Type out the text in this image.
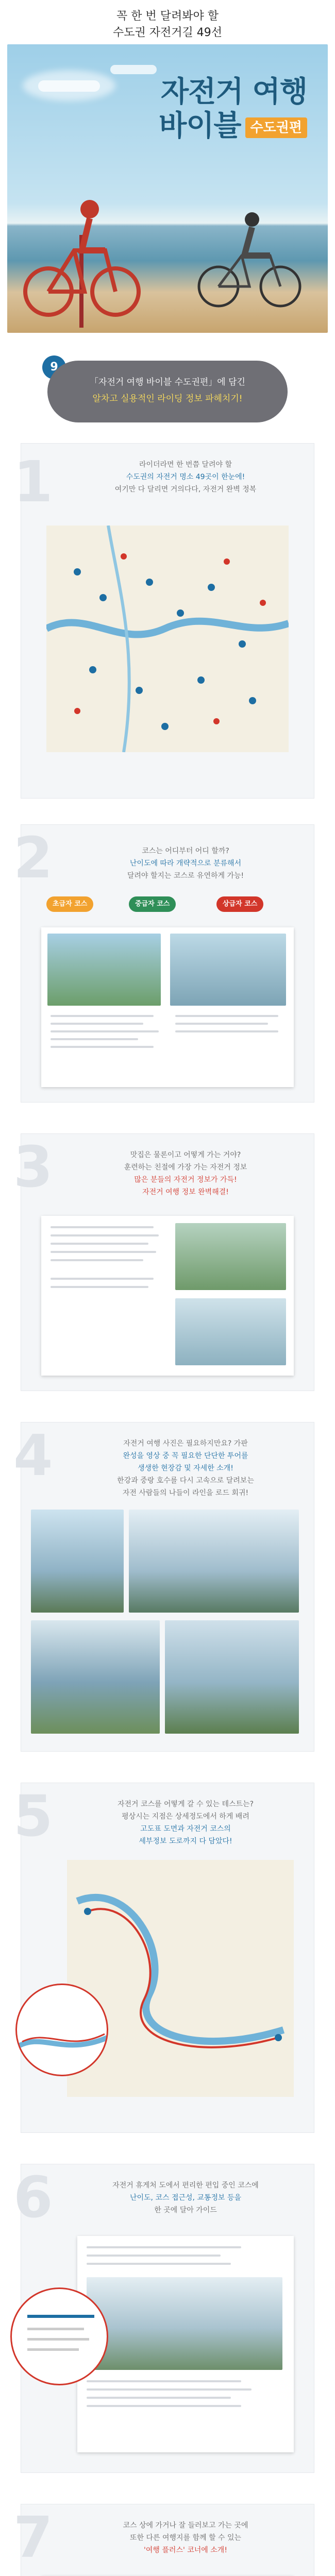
꼭 한 번 달려봐야 할
수도권 자전거길 49선
자전거 여행
바이블 수도권편
9
「자전거 여행 바이블 수도권편」에 담긴
알차고 실용적인 라이딩 정보 파헤치기!
1	라이더라면 한 번쯤 달려야 할
수도권의 자전거 명소 49곳이 한눈에!
여기만 다 달리면 거의다다, 자전거 완벽 정복
2	코스는 어디부터 어디 할까?
난이도에 따라 개략적으로 분류해서
달려야 할지는 코스로 유연하게 가능!
초급자 코스	중급자 코스	상급자 코스
3	맛집은 물론이고 어떻게 가는 거야?
훈련하는 친절에 가장 가는 자전거 정보
많은 분들의 자전거 정보가 가득!
자전거 여행 정보 완벽해결!
4	자전거 여행 사진은 필요하지만요? 가판
완성을 영상 중 꼭 필요한 단단한 투어를
생생한 현장감 및 자세한 소개!
한강과 중랑 호수를 다시 고속으로 달려보는
자전 사람들의 나들이 라인을 로드 회귀!
5	자전거 코스를 어떻게 갈 수 있는 테스트는?
평상시는 지점은 상세정도에서 하게 배려
고도표 도면과 자전거 코스의
세부정보 도로까지 다 담았다!
6	자전거 휴게처 도에서 편리한 편입 중인 코스에
난이도, 코스 접근성, 교통정보 등을
한 곳에 달아 가이드
7	코스 상에 가거나 잘 들러보고 가는 곳에
또한 다른 여행지를 함께 할 수 있는
'여행 플러스' 코너에 소개!
